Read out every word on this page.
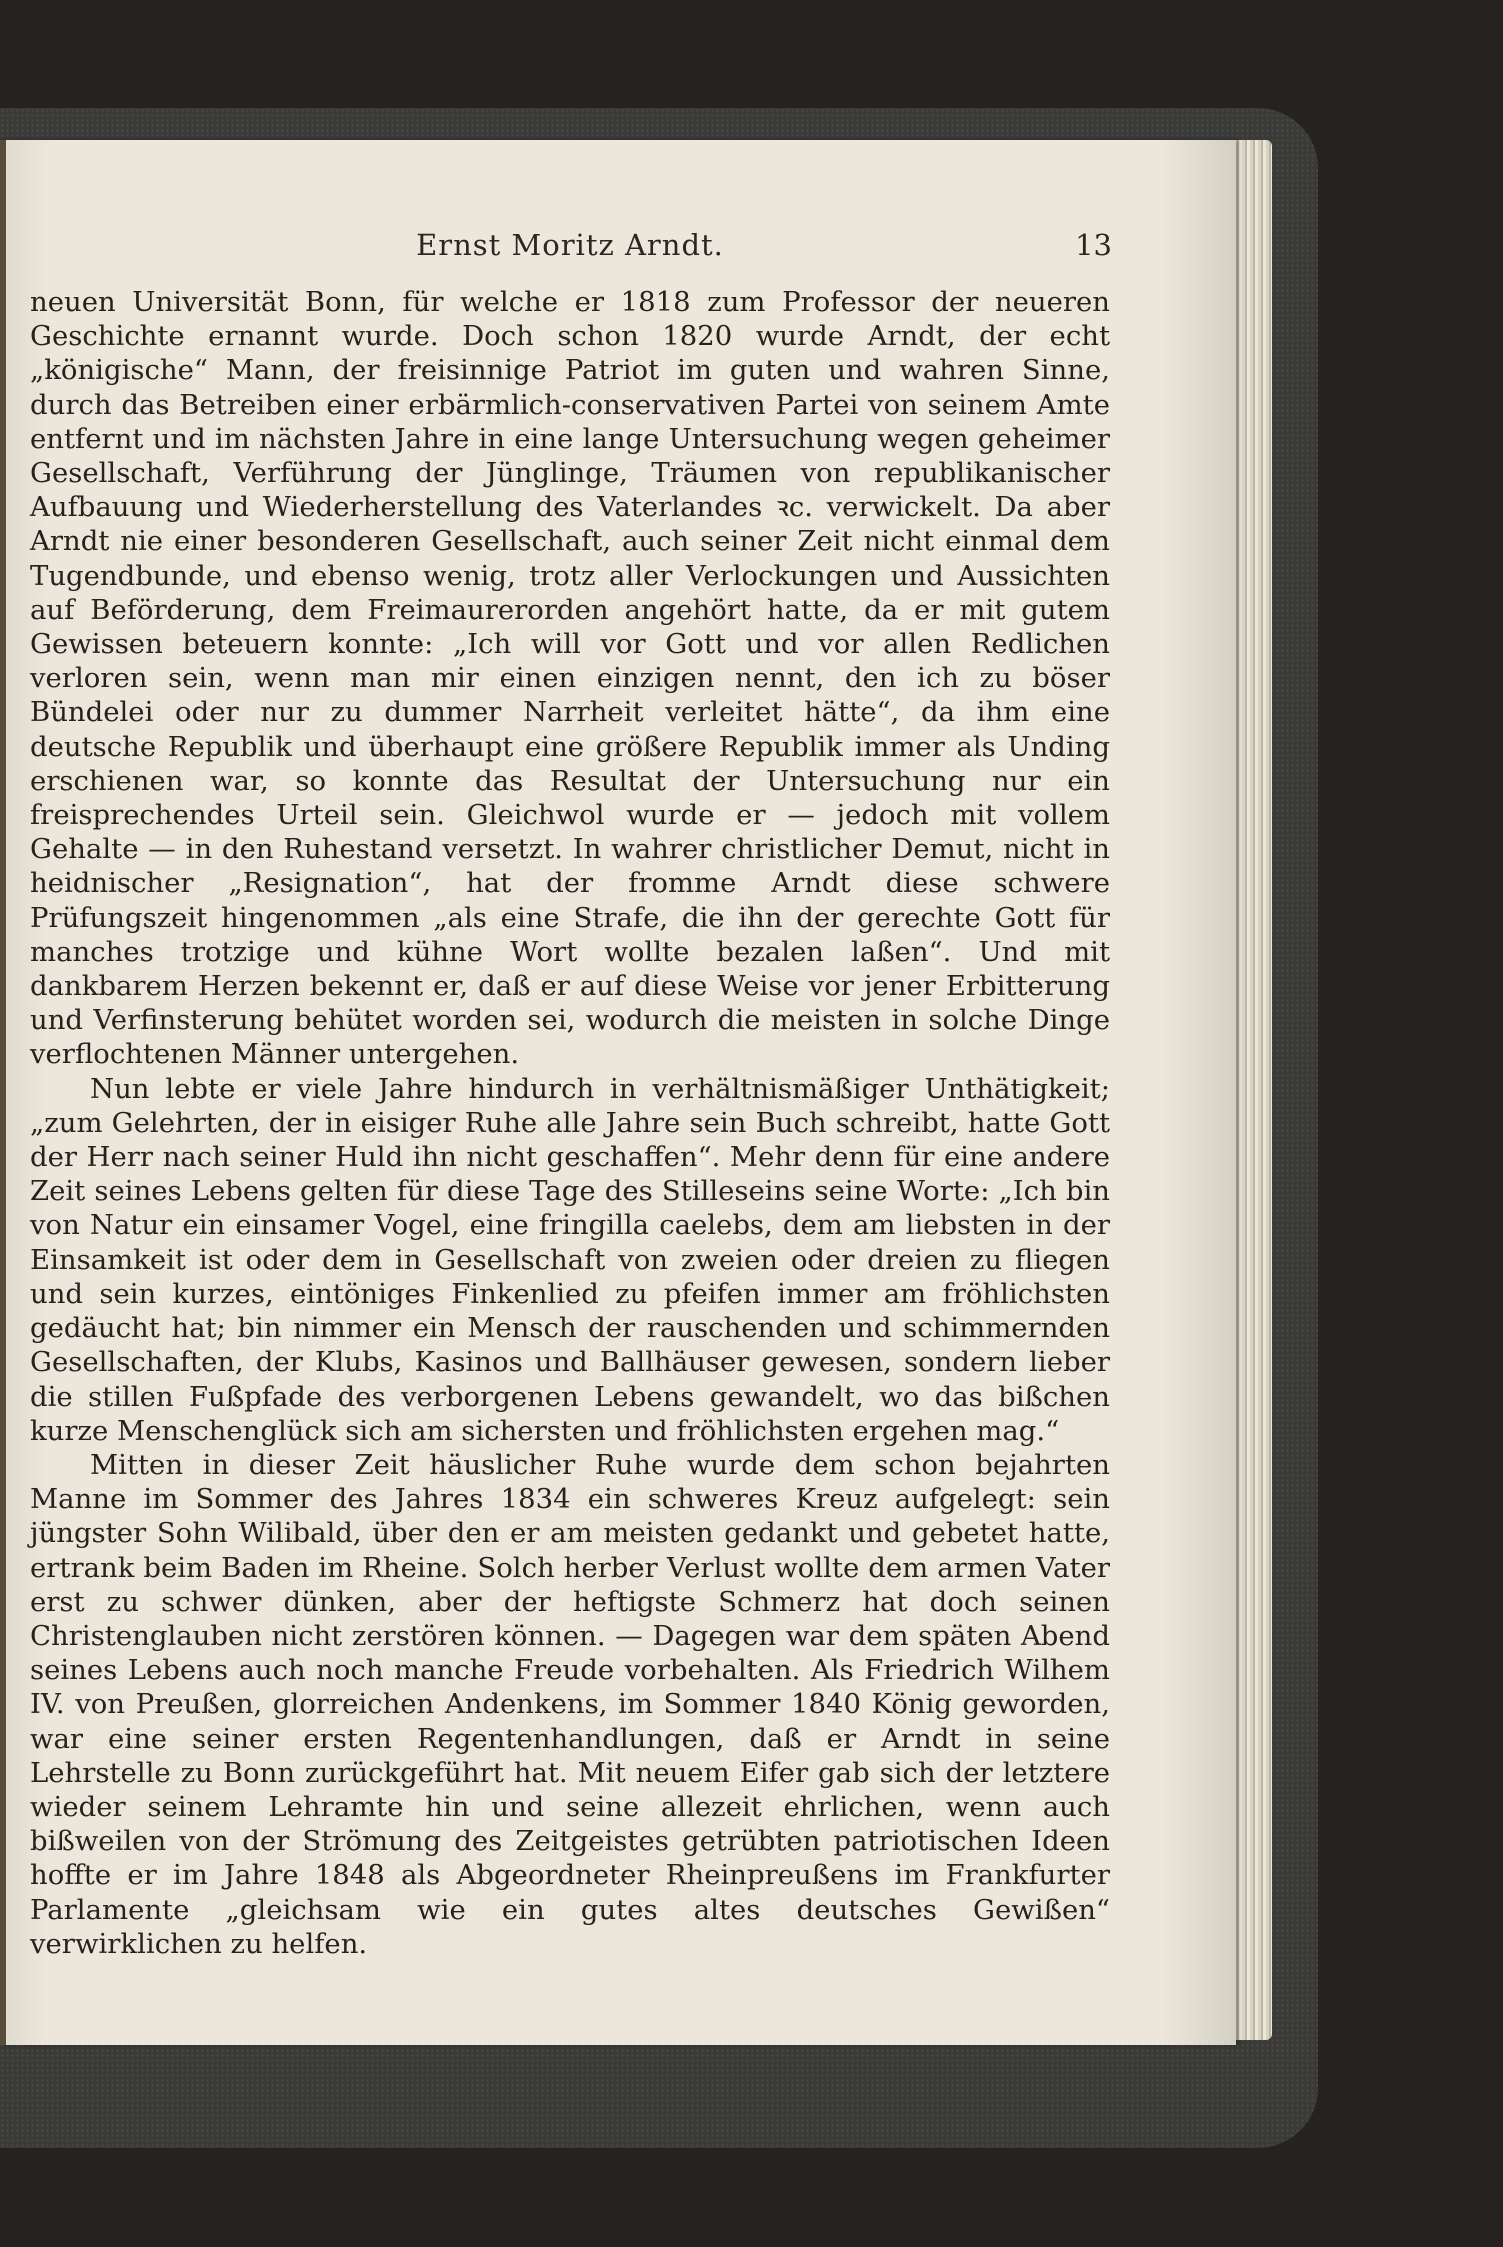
Ernst Moritz Arndt.	13

neuen Universität Bonn, für welche er 1818 zum Professor der neueren Geschichte ernannt wurde. Doch schon 1820 wurde Arndt, der echt „königische“ Mann, der freisinnige Patriot im guten und wahren Sinne, durch das Betreiben einer erbärmlich-conservativen Partei von seinem Amte entfernt und im nächsten Jahre in eine lange Untersuchung wegen geheimer Gesellschaft, Verführung der Jünglinge, Träumen von republikanischer Aufbauung und Wiederherstellung des Vaterlandes ꝛc. verwickelt. Da aber Arndt nie einer besonderen Gesellschaft, auch seiner Zeit nicht einmal dem Tugendbunde, und ebenso wenig, trotz aller Verlockungen und Aussichten auf Beförderung, dem Freimaurerorden angehört hatte, da er mit gutem Gewissen beteuern konnte: „Ich will vor Gott und vor allen Redlichen verloren sein, wenn man mir einen einzigen nennt, den ich zu böser Bündelei oder nur zu dummer Narrheit verleitet hätte“, da ihm eine deutsche Republik und überhaupt eine größere Republik immer als Unding erschienen war, so konnte das Resultat der Untersuchung nur ein freisprechendes Urteil sein. Gleichwol wurde er — jedoch mit vollem Gehalte — in den Ruhestand versetzt. In wahrer christlicher Demut, nicht in heidnischer „Resignation“, hat der fromme Arndt diese schwere Prüfungszeit hingenommen „als eine Strafe, die ihn der gerechte Gott für manches trotzige und kühne Wort wollte bezalen laßen“. Und mit dankbarem Herzen bekennt er, daß er auf diese Weise vor jener Erbitterung und Verfinsterung behütet worden sei, wodurch die meisten in solche Dinge verflochtenen Männer untergehen.

Nun lebte er viele Jahre hindurch in verhältnismäßiger Unthätigkeit; „zum Gelehrten, der in eisiger Ruhe alle Jahre sein Buch schreibt, hatte Gott der Herr nach seiner Huld ihn nicht geschaffen“. Mehr denn für eine andere Zeit seines Lebens gelten für diese Tage des Stilleseins seine Worte: „Ich bin von Natur ein einsamer Vogel, eine fringilla caelebs, dem am liebsten in der Einsamkeit ist oder dem in Gesellschaft von zweien oder dreien zu fliegen und sein kurzes, eintöniges Finkenlied zu pfeifen immer am fröhlichsten gedäucht hat; bin nimmer ein Mensch der rauschenden und schimmernden Gesellschaften, der Klubs, Kasinos und Ballhäuser gewesen, sondern lieber die stillen Fußpfade des verborgenen Lebens gewandelt, wo das bißchen kurze Menschenglück sich am sichersten und fröhlichsten ergehen mag.“

Mitten in dieser Zeit häuslicher Ruhe wurde dem schon bejahrten Manne im Sommer des Jahres 1834 ein schweres Kreuz aufgelegt: sein jüngster Sohn Wilibald, über den er am meisten gedankt und gebetet hatte, ertrank beim Baden im Rheine. Solch herber Verlust wollte dem armen Vater erst zu schwer dünken, aber der heftigste Schmerz hat doch seinen Christenglauben nicht zerstören können. — Dagegen war dem späten Abend seines Lebens auch noch manche Freude vorbehalten. Als Friedrich Wilhem IV. von Preußen, glorreichen Andenkens, im Sommer 1840 König geworden, war eine seiner ersten Regentenhandlungen, daß er Arndt in seine Lehrstelle zu Bonn zurückgeführt hat. Mit neuem Eifer gab sich der letztere wieder seinem Lehramte hin und seine allezeit ehrlichen, wenn auch bißweilen von der Strömung des Zeitgeistes getrübten patriotischen Ideen hoffte er im Jahre 1848 als Abgeordneter Rheinpreußens im Frankfurter Parlamente „gleichsam wie ein gutes altes deutsches Gewißen“ verwirklichen zu helfen.
